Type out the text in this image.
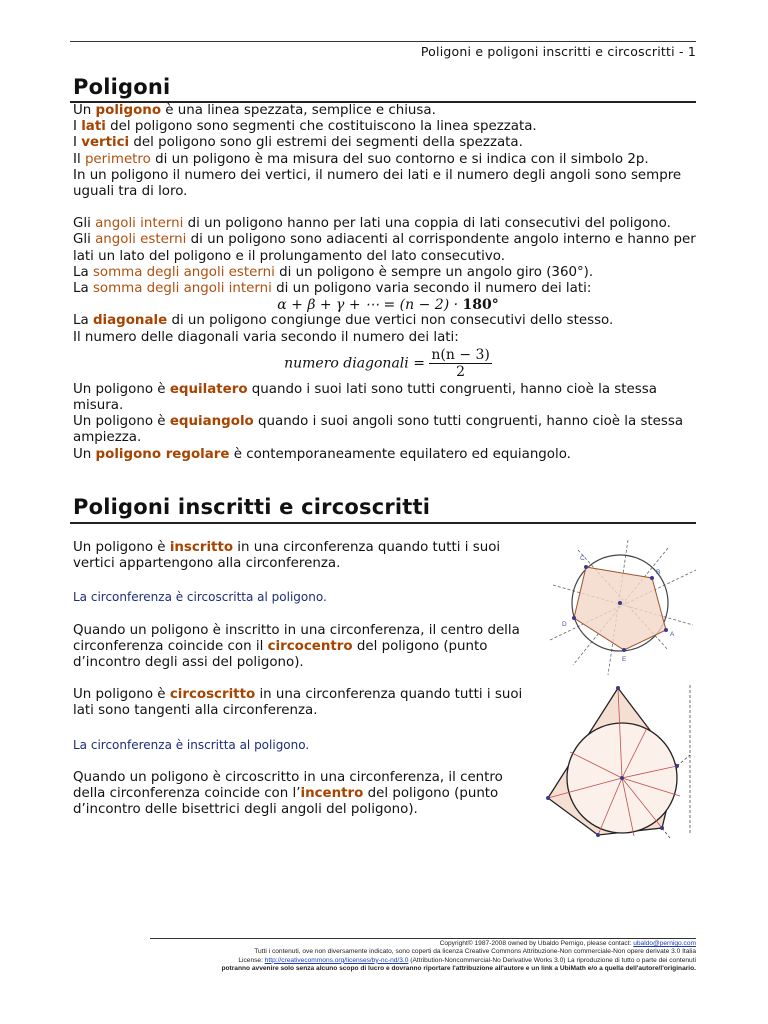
Poligoni e poligoni inscritti e circoscritti - 1
Poligoni

Un poligono è una linea spezzata, semplice e chiusa.

I lati del poligono sono segmenti che costituiscono la linea spezzata.

I vertici del poligono sono gli estremi dei segmenti della spezzata.

Il perimetro di un poligono è ma misura del suo contorno e si indica con il simbolo 2p.

In un poligono il numero dei vertici, il numero dei lati e il numero degli angoli sono sempre uguali tra di loro.

Gli angoli interni di un poligono hanno per lati una coppia di lati consecutivi del poligono.

Gli angoli esterni di un poligono sono adiacenti al corrispondente angolo interno e hanno per lati un lato del poligono e il prolungamento del lato consecutivo.

La somma degli angoli esterni di un poligono è sempre un angolo giro (360°).

La somma degli angoli interni di un poligono varia secondo il numero dei lati:

α + β + γ + ⋯ = (n − 2) · 180°

La diagonale di un poligono congiunge due vertici non consecutivi dello stesso.

Il numero delle diagonali varia secondo il numero dei lati:

numero diagonali = $\frac{n(n - 3)}{2}$

Un poligono è equilatero quando i suoi lati sono tutti congruenti, hanno cioè la stessa misura.

Un poligono è equiangolo quando i suoi angoli sono tutti congruenti, hanno cioè la stessa ampiezza.

Un poligono regolare è contemporaneamente equilatero ed equiangolo.

Poligoni inscritti e circoscritti

Un poligono è inscritto in una circonferenza quando tutti i suoi vertici appartengono alla circonferenza.

La circonferenza è circoscritta al poligono.

Quando un poligono è inscritto in una circonferenza, il centro della circonferenza coincide con il circocentro del poligono (punto d’incontro degli assi del poligono).

Un poligono è circoscritto in una circonferenza quando tutti i suoi lati sono tangenti alla circonferenza.

La circonferenza è inscritta al poligono.

Quando un poligono è circoscritto in una circonferenza, il centro della circonferenza coincide con l’incentro del poligono (punto d’incontro delle bisettrici degli angoli del poligono).

C
B
A
E
D
Copyright© 1987-2008 owned by Ubaldo Pernigo, please contact: ubaldo@pernigo.com
Tutti i contenuti, ove non diversamente indicato, sono coperti da licenza Creative Commons Attribuzione-Non commerciale-Non opere derivate 3.0 Italia
License: http://creativecommons.org/licenses/by-nc-nd/3.0 (Attribution-Noncommercial-No Derivative Works 3.0) La riproduzione di tutto o parte dei contenuti
potranno avvenire solo senza alcuno scopo di lucro e dovranno riportare l'attribuzione all'autore e un link a UbiMath e/o a quella dell'autore/l'originario.
